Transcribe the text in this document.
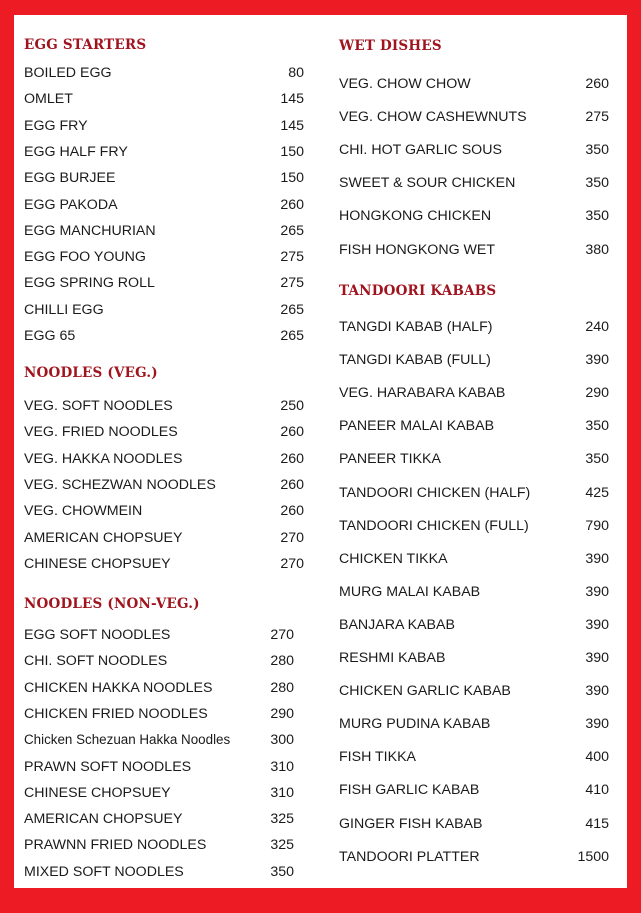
EGG STARTERS
BOILED EGG	80
OMLET	145
EGG FRY	145
EGG HALF FRY	150
EGG BURJEE	150
EGG PAKODA	260
EGG MANCHURIAN	265
EGG FOO YOUNG	275
EGG SPRING ROLL	275
CHILLI EGG	265
EGG 65	265
NOODLES (VEG.)
VEG. SOFT NOODLES	250
VEG. FRIED NOODLES	260
VEG. HAKKA NOODLES	260
VEG. SCHEZWAN NOODLES	260
VEG. CHOWMEIN	260
AMERICAN CHOPSUEY	270
CHINESE CHOPSUEY	270
NOODLES (NON-VEG.)
EGG SOFT NOODLES	270
CHI. SOFT NOODLES	280
CHICKEN HAKKA NOODLES	280
CHICKEN FRIED NOODLES	290
Chicken Schezuan Hakka Noodles	300
PRAWN SOFT NOODLES	310
CHINESE CHOPSUEY	310
AMERICAN CHOPSUEY	325
PRAWNN FRIED NOODLES	325
MIXED SOFT NOODLES	350
WET DISHES
VEG. CHOW CHOW	260
VEG. CHOW CASHEWNUTS	275
CHI. HOT GARLIC SOUS	350
SWEET & SOUR CHICKEN	350
HONGKONG CHICKEN	350
FISH HONGKONG WET	380
TANDOORI KABABS
TANGDI KABAB (HALF)	240
TANGDI KABAB (FULL)	390
VEG. HARABARA KABAB	290
PANEER MALAI KABAB	350
PANEER TIKKA	350
TANDOORI CHICKEN (HALF)	425
TANDOORI CHICKEN (FULL)	790
CHICKEN TIKKA	390
MURG MALAI KABAB	390
BANJARA KABAB	390
RESHMI KABAB	390
CHICKEN GARLIC KABAB	390
MURG PUDINA KABAB	390
FISH TIKKA	400
FISH GARLIC KABAB	410
GINGER FISH KABAB	415
TANDOORI PLATTER	1500
